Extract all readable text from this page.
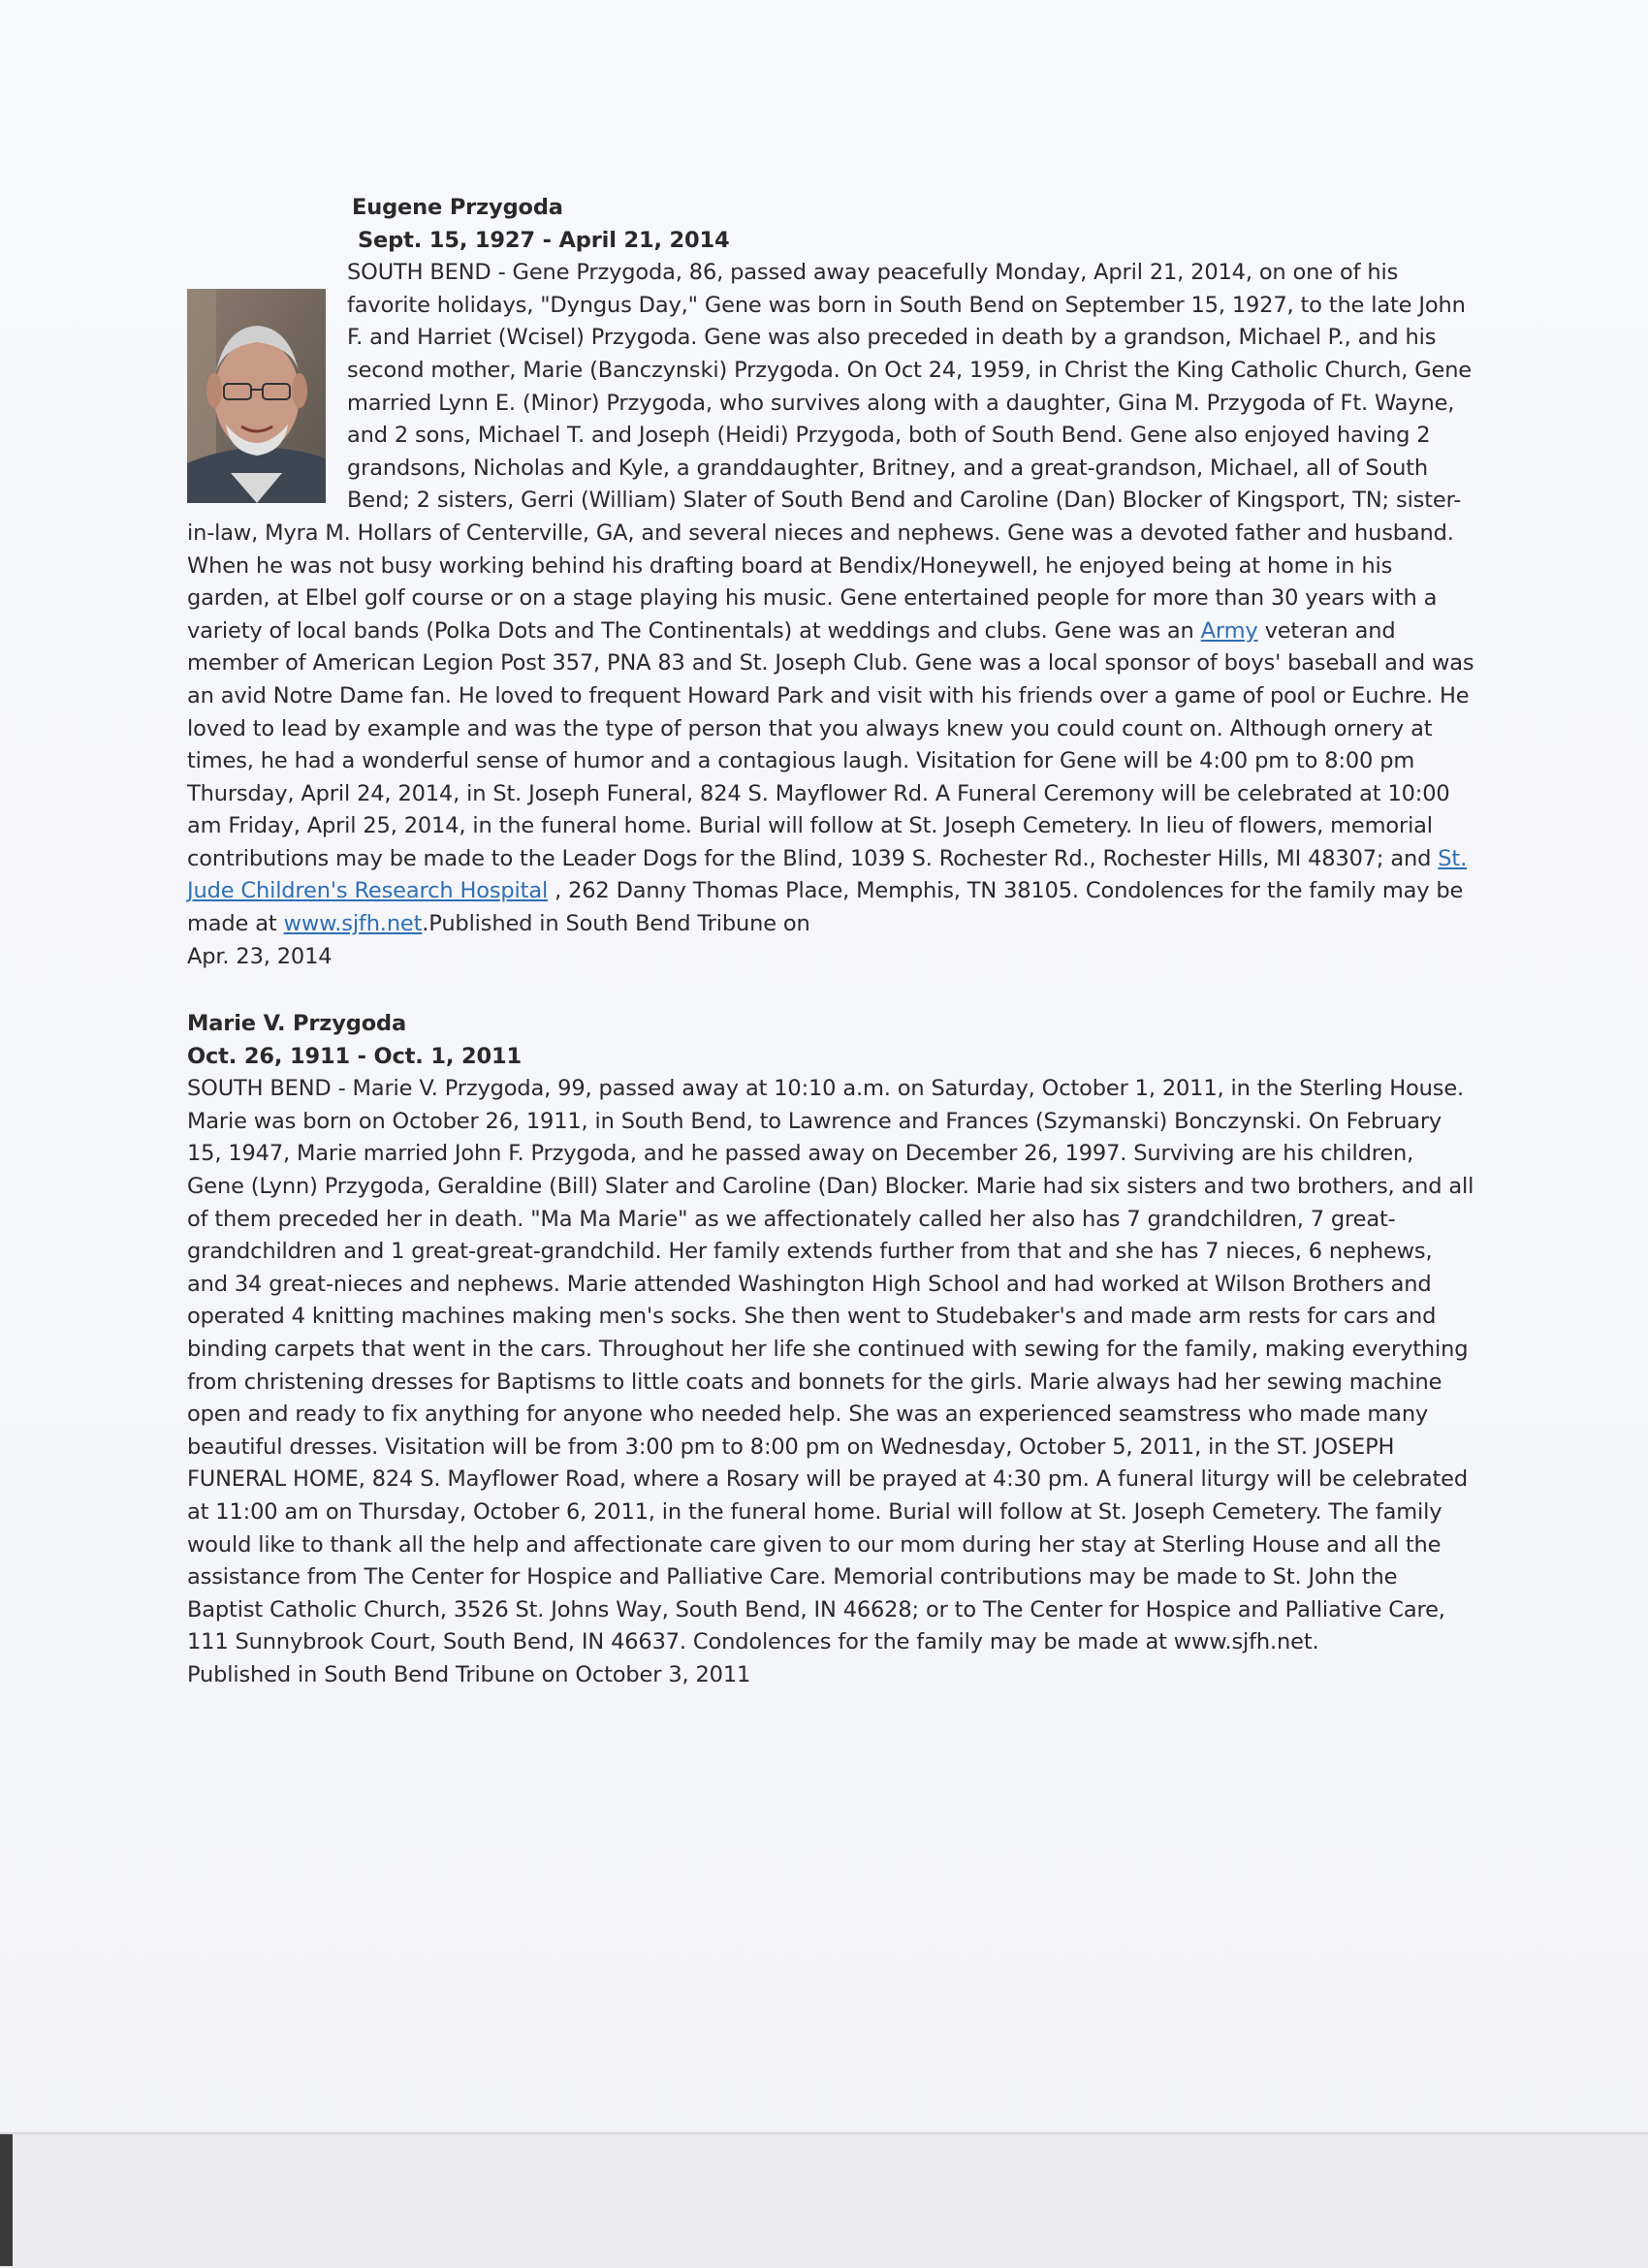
Eugene Przygoda
Sept. 15, 1927 - April 21, 2014
SOUTH BEND - Gene Przygoda, 86, passed away peacefully Monday, April 21, 2014, on one of his favorite holidays, "Dyngus Day," Gene was born in South Bend on September 15, 1927, to the late John F. and Harriet (Wcisel) Przygoda. Gene was also preceded in death by a grandson, Michael P., and his second mother, Marie (Banczynski) Przygoda. On Oct 24, 1959, in Christ the King Catholic Church, Gene married Lynn E. (Minor) Przygoda, who survives along with a daughter, Gina M. Przygoda of Ft. Wayne, and 2 sons, Michael T. and Joseph (Heidi) Przygoda, both of South Bend. Gene also enjoyed having 2 grandsons, Nicholas and Kyle, a granddaughter, Britney, and a great-grandson, Michael, all of South Bend; 2 sisters, Gerri (William) Slater of South Bend and Caroline (Dan) Blocker of Kingsport, TN; sister-in-law, Myra M. Hollars of Centerville, GA, and several nieces and nephews. Gene was a devoted father and husband. When he was not busy working behind his drafting board at Bendix/Honeywell, he enjoyed being at home in his garden, at Elbel golf course or on a stage playing his music. Gene entertained people for more than 30 years with a variety of local bands (Polka Dots and The Continentals) at weddings and clubs. Gene was an Army veteran and member of American Legion Post 357, PNA 83 and St. Joseph Club. Gene was a local sponsor of boys' baseball and was an avid Notre Dame fan. He loved to frequent Howard Park and visit with his friends over a game of pool or Euchre. He loved to lead by example and was the type of person that you always knew you could count on. Although ornery at times, he had a wonderful sense of humor and a contagious laugh. Visitation for Gene will be 4:00 pm to 8:00 pm Thursday, April 24, 2014, in St. Joseph Funeral, 824 S. Mayflower Rd. A Funeral Ceremony will be celebrated at 10:00 am Friday, April 25, 2014, in the funeral home. Burial will follow at St. Joseph Cemetery. In lieu of flowers, memorial contributions may be made to the Leader Dogs for the Blind, 1039 S. Rochester Rd., Rochester Hills, MI 48307; and St. Jude Children's Research Hospital , 262 Danny Thomas Place, Memphis, TN 38105. Condolences for the family may be made at www.sjfh.net.Published in South Bend Tribune on
Apr. 23, 2014
Marie V. Przygoda
Oct. 26, 1911 - Oct. 1, 2011
SOUTH BEND - Marie V. Przygoda, 99, passed away at 10:10 a.m. on Saturday, October 1, 2011, in the Sterling House. Marie was born on October 26, 1911, in South Bend, to Lawrence and Frances (Szymanski) Bonczynski. On February 15, 1947, Marie married John F. Przygoda, and he passed away on December 26, 1997. Surviving are his children, Gene (Lynn) Przygoda, Geraldine (Bill) Slater and Caroline (Dan) Blocker. Marie had six sisters and two brothers, and all of them preceded her in death. "Ma Ma Marie" as we affectionately called her also has 7 grandchildren, 7 great-grandchildren and 1 great-great-grandchild. Her family extends further from that and she has 7 nieces, 6 nephews, and 34 great-nieces and nephews. Marie attended Washington High School and had worked at Wilson Brothers and operated 4 knitting machines making men's socks. She then went to Studebaker's and made arm rests for cars and binding carpets that went in the cars. Throughout her life she continued with sewing for the family, making everything from christening dresses for Baptisms to little coats and bonnets for the girls. Marie always had her sewing machine open and ready to fix anything for anyone who needed help. She was an experienced seamstress who made many beautiful dresses. Visitation will be from 3:00 pm to 8:00 pm on Wednesday, October 5, 2011, in the ST. JOSEPH FUNERAL HOME, 824 S. Mayflower Road, where a Rosary will be prayed at 4:30 pm. A funeral liturgy will be celebrated at 11:00 am on Thursday, October 6, 2011, in the funeral home. Burial will follow at St. Joseph Cemetery. The family would like to thank all the help and affectionate care given to our mom during her stay at Sterling House and all the assistance from The Center for Hospice and Palliative Care. Memorial contributions may be made to St. John the Baptist Catholic Church, 3526 St. Johns Way, South Bend, IN 46628; or to The Center for Hospice and Palliative Care, 111 Sunnybrook Court, South Bend, IN 46637. Condolences for the family may be made at www.sjfh.net.
Published in South Bend Tribune on October 3, 2011
